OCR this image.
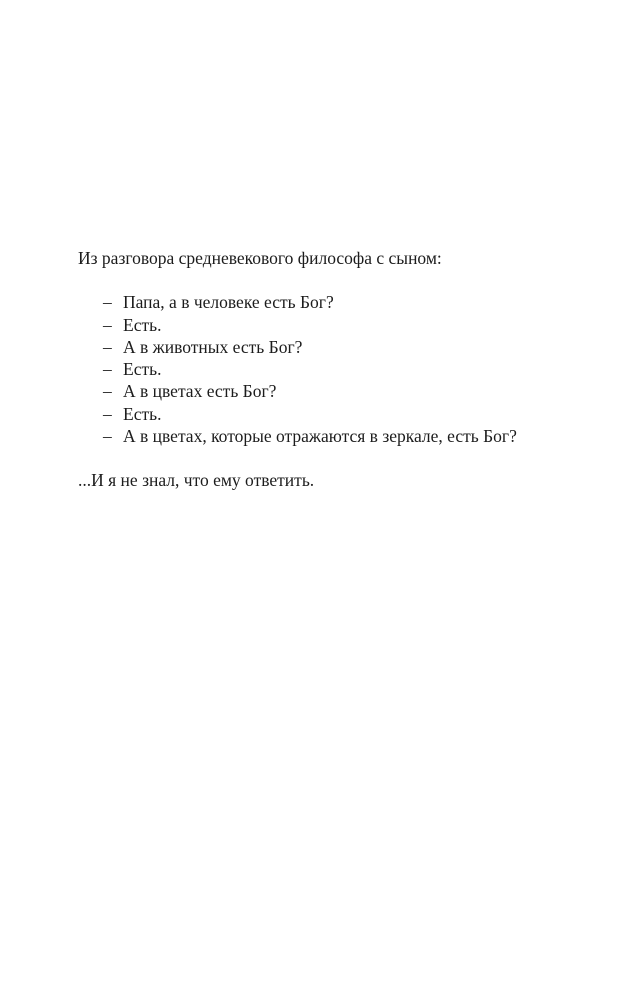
Из разговора средневекового философа с сыном:

– Папа, а в человеке есть Бог?
– Есть.
– А в животных есть Бог?
– Есть.
– А в цветах есть Бог?
– Есть.
– А в цветах, которые отражаются в зеркале, есть Бог?

...И я не знал, что ему ответить.
